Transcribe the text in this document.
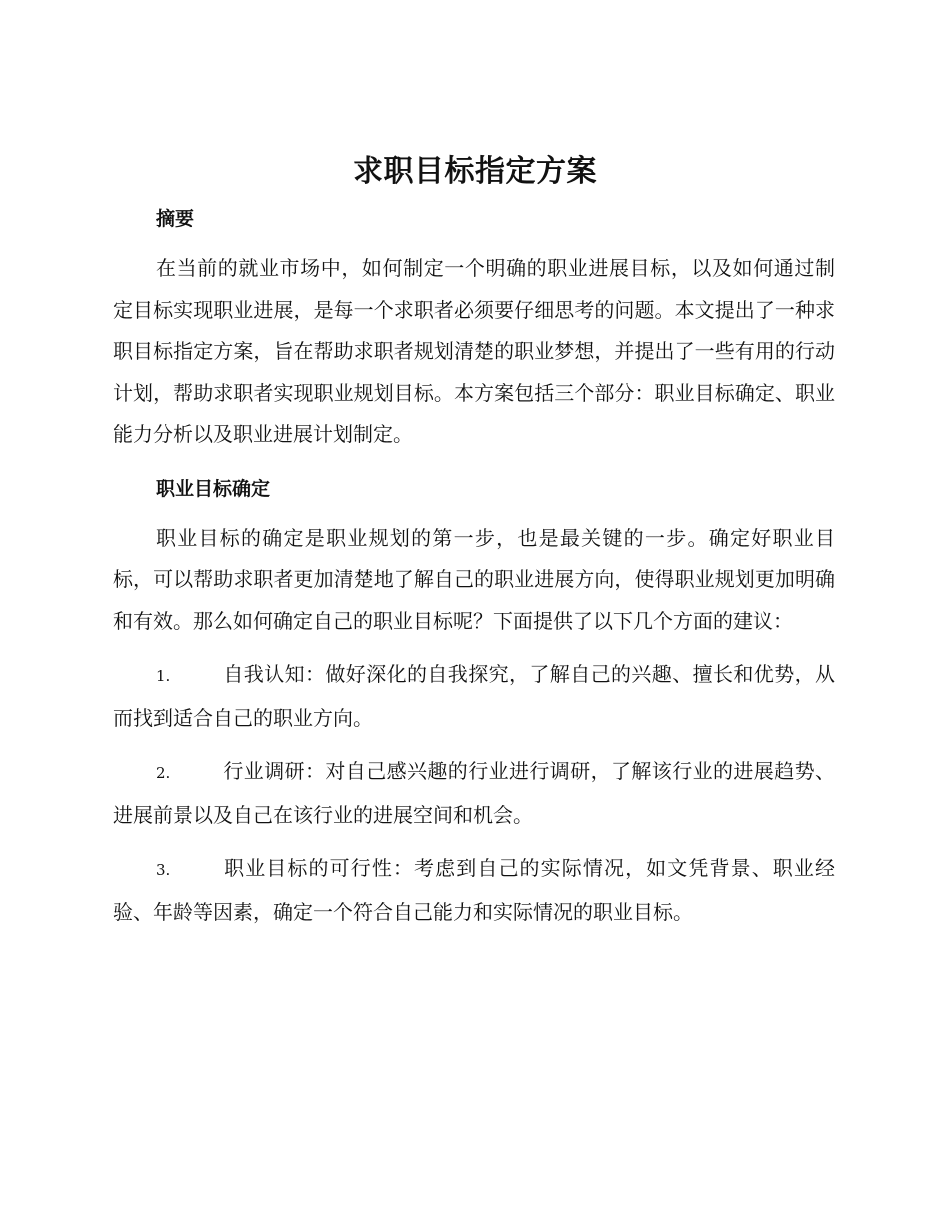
求职目标指定方案
摘要

在当前的就业市场中，如何制定一个明确的职业进展目标，以及如何通过制定目标实现职业进展，是每一个求职者必须要仔细思考的问题。本文提出了一种求职目标指定方案，旨在帮助求职者规划清楚的职业梦想，并提出了一些有用的行动计划，帮助求职者实现职业规划目标。本方案包括三个部分：职业目标确定、职业能力分析以及职业进展计划制定。

职业目标确定

职业目标的确定是职业规划的第一步，也是最关键的一步。确定好职业目标，可以帮助求职者更加清楚地了解自己的职业进展方向，使得职业规划更加明确和有效。那么如何确定自己的职业目标呢？下面提供了以下几个方面的建议：

1.	自我认知：做好深化的自我探究，了解自己的兴趣、擅长和优势，从而找到适合自己的职业方向。
2.	行业调研：对自己感兴趣的行业进行调研，了解该行业的进展趋势、进展前景以及自己在该行业的进展空间和机会。
3.	职业目标的可行性：考虑到自己的实际情况，如文凭背景、职业经验、年龄等因素，确定一个符合自己能力和实际情况的职业目标。
